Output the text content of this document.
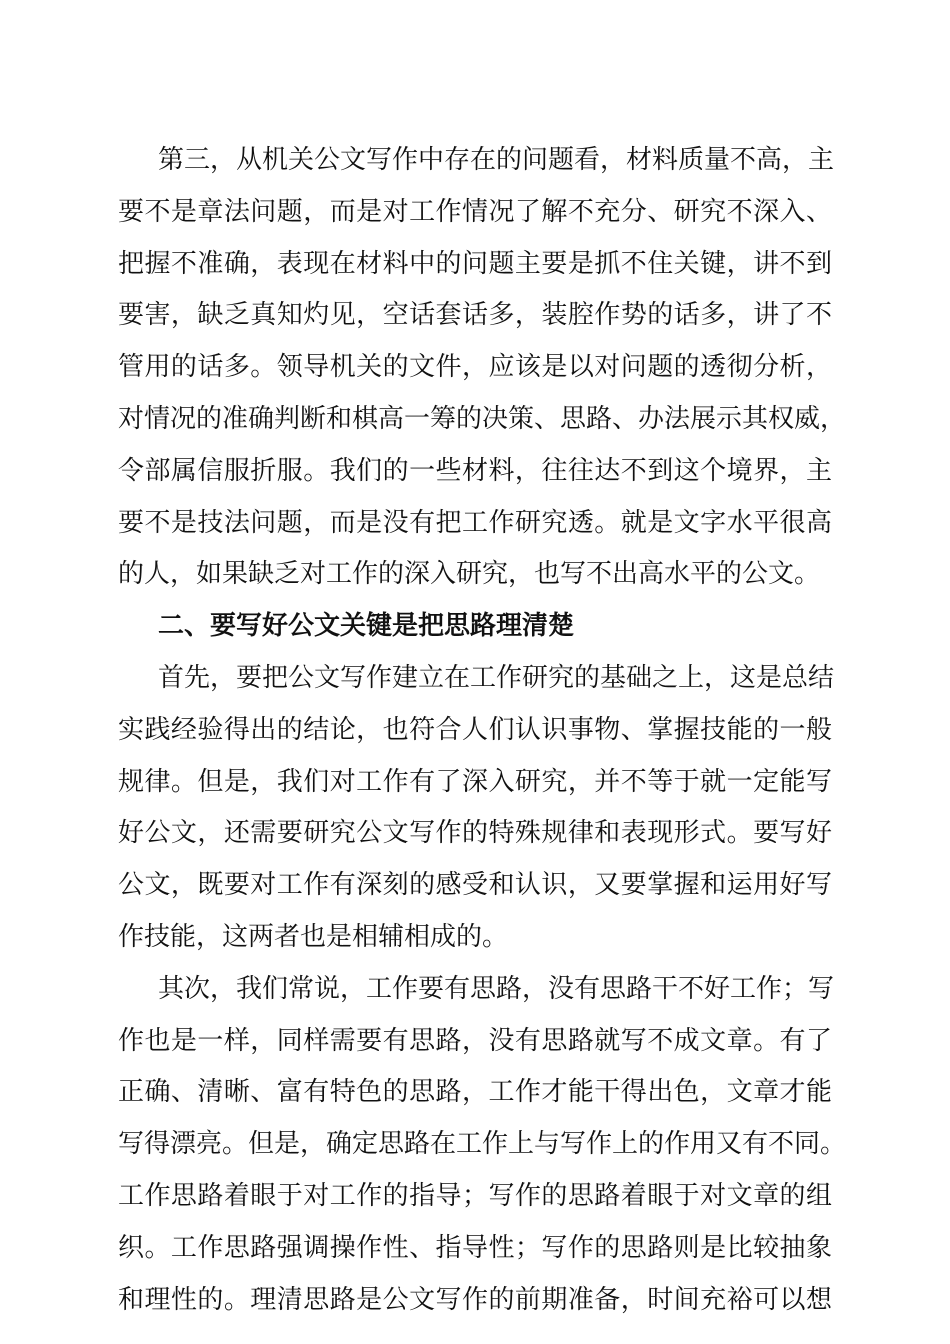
第三，从机关公文写作中存在的问题看，材料质量不高，主
要不是章法问题，而是对工作情况了解不充分、研究不深入、
把握不准确，表现在材料中的问题主要是抓不住关键，讲不到
要害，缺乏真知灼见，空话套话多，装腔作势的话多，讲了不
管用的话多。领导机关的文件，应该是以对问题的透彻分析，
对情况的准确判断和棋高一筹的决策、思路、办法展示其权威，
令部属信服折服。我们的一些材料，往往达不到这个境界，主
要不是技法问题，而是没有把工作研究透。就是文字水平很高
的人，如果缺乏对工作的深入研究，也写不出高水平的公文。
二、要写好公文关键是把思路理清楚
首先，要把公文写作建立在工作研究的基础之上，这是总结
实践经验得出的结论，也符合人们认识事物、掌握技能的一般
规律。但是，我们对工作有了深入研究，并不等于就一定能写
好公文，还需要研究公文写作的特殊规律和表现形式。要写好
公文，既要对工作有深刻的感受和认识，又要掌握和运用好写
作技能，这两者也是相辅相成的。
其次，我们常说，工作要有思路，没有思路干不好工作；写
作也是一样，同样需要有思路，没有思路就写不成文章。有了
正确、清晰、富有特色的思路，工作才能干得出色，文章才能
写得漂亮。但是，确定思路在工作上与写作上的作用又有不同。
工作思路着眼于对工作的指导；写作的思路着眼于对文章的组
织。工作思路强调操作性、指导性；写作的思路则是比较抽象
和理性的。理清思路是公文写作的前期准备，时间充裕可以想
